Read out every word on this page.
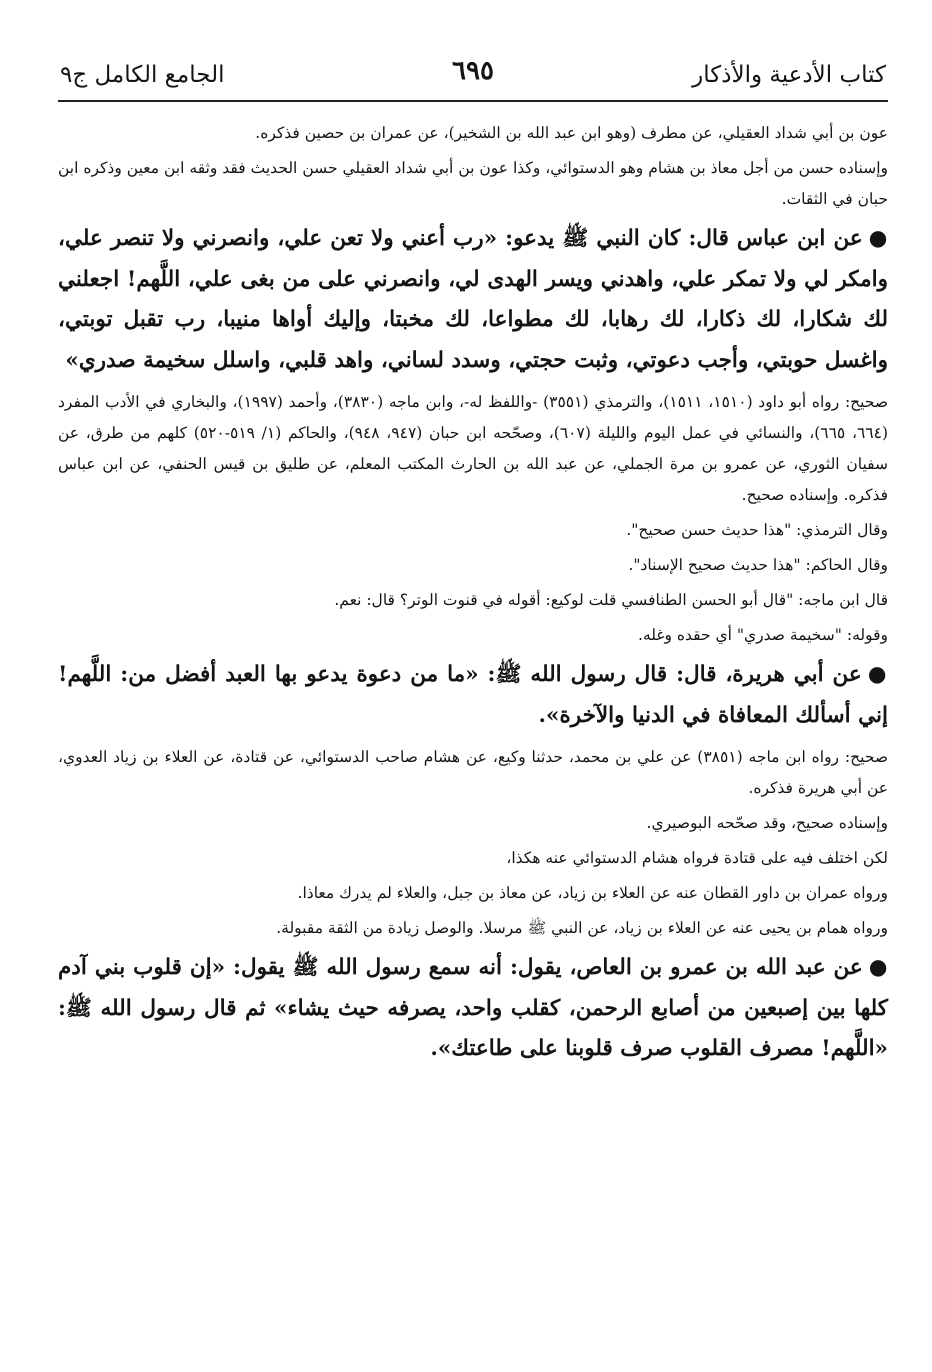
كتاب الأدعية والأذكار
٦٩٥
الجامع الكامل ج٩

عون بن أبي شداد العقيلي، عن مطرف (وهو ابن عبد الله بن الشخير)، عن عمران بن حصين فذكره.

وإسناده حسن من أجل معاذ بن هشام وهو الدستوائي، وكذا عون بن أبي شداد العقيلي حسن الحديث فقد وثقه ابن معين وذكره ابن حبان في الثقات.

●عن ابن عباس قال: كان النبي ﷺ يدعو: «رب أعني ولا تعن علي، وانصرني ولا تنصر علي، وامكر لي ولا تمكر علي، واهدني ويسر الهدى لي، وانصرني على من بغى علي، اللَّهم! اجعلني لك شكارا، لك ذكارا، لك رهابا، لك مطواعا، لك مخبتا، وإليك أواها منيبا، رب تقبل توبتي، واغسل حوبتي، وأجب دعوتي، وثبت حجتي، وسدد لساني، واهد قلبي، واسلل سخيمة صدري»

صحيح: رواه أبو داود (١٥١٠، ١٥١١)، والترمذي (٣٥٥١) -واللفظ له-، وابن ماجه (٣٨٣٠)، وأحمد (١٩٩٧)، والبخاري في الأدب المفرد (٦٦٤، ٦٦٥)، والنسائي في عمل اليوم والليلة (٦٠٧)، وصحّحه ابن حبان (٩٤٧، ٩٤٨)، والحاكم (١/ ٥١٩-٥٢٠) كلهم من طرق، عن سفيان الثوري، عن عمرو بن مرة الجملي، عن عبد الله بن الحارث المكتب المعلم، عن طليق بن قيس الحنفي، عن ابن عباس فذكره. وإسناده صحيح.

وقال الترمذي: "هذا حديث حسن صحيح".

وقال الحاكم: "هذا حديث صحيح الإسناد".

قال ابن ماجه: "قال أبو الحسن الطنافسي قلت لوكيع: أقوله في قنوت الوتر؟ قال: نعم.

وقوله: "سخيمة صدري" أي حقده وغله.

●عن أبي هريرة، قال: قال رسول الله ﷺ: «ما من دعوة يدعو بها العبد أفضل من: اللَّهم! إني أسألك المعافاة في الدنيا والآخرة».

صحيح: رواه ابن ماجه (٣٨٥١) عن علي بن محمد، حدثنا وكيع، عن هشام صاحب الدستوائي، عن قتادة، عن العلاء بن زياد العدوي، عن أبي هريرة فذكره.

وإسناده صحيح، وقد صحّحه البوصيري.

لكن اختلف فيه على قتادة فرواه هشام الدستوائي عنه هكذا،

ورواه عمران بن داور القطان عنه عن العلاء بن زياد، عن معاذ بن جبل، والعلاء لم يدرك معاذا.

ورواه همام بن يحيى عنه عن العلاء بن زياد، عن النبي ﷺ مرسلا. والوصل زيادة من الثقة مقبولة.

●عن عبد الله بن عمرو بن العاص، يقول: أنه سمع رسول الله ﷺ يقول: «إن قلوب بني آدم كلها بين إصبعين من أصابع الرحمن، كقلب واحد، يصرفه حيث يشاء» ثم قال رسول الله ﷺ: «اللَّهم! مصرف القلوب صرف قلوبنا على طاعتك».
